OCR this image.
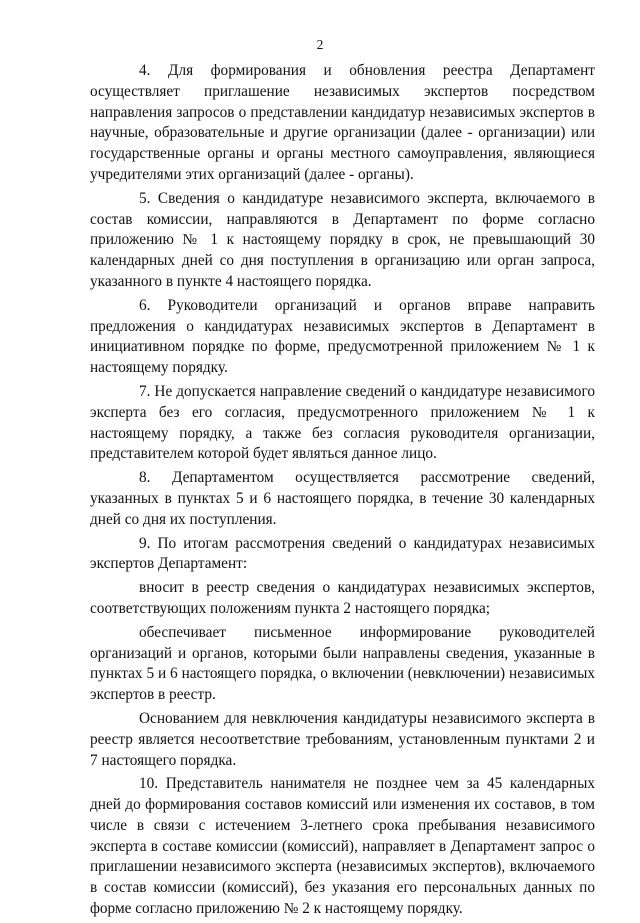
2

4. Для формирования и обновления реестра Департамент осуществляет приглашение независимых экспертов посредством направления запросов о представлении кандидатур независимых экспертов в научные, образовательные и другие организации (далее - организации) или государственные органы и органы местного самоуправления, являющиеся учредителями этих организаций (далее - органы).

5. Сведения о кандидатуре независимого эксперта, включаемого в состав комиссии, направляются в Департамент по форме согласно приложению № 1 к настоящему порядку в срок, не превышающий 30 календарных дней со дня поступления в организацию или орган запроса, указанного в пункте 4 настоящего порядка.

6. Руководители организаций и органов вправе направить предложения о кандидатурах независимых экспертов в Департамент в инициативном порядке по форме, предусмотренной приложением № 1 к настоящему порядку.

7. Не допускается направление сведений о кандидатуре независимого эксперта без его согласия, предусмотренного приложением № 1 к настоящему порядку, а также без согласия руководителя организации, представителем которой будет являться данное лицо.

8. Департаментом осуществляется рассмотрение сведений, указанных в пунктах 5 и 6 настоящего порядка, в течение 30 календарных дней со дня их поступления.

9. По итогам рассмотрения сведений о кандидатурах независимых экспертов Департамент:

вносит в реестр сведения о кандидатурах независимых экспертов, соответствующих положениям пункта 2 настоящего порядка;

обеспечивает письменное информирование руководителей организаций и органов, которыми были направлены сведения, указанные в пунктах 5 и 6 настоящего порядка, о включении (невключении) независимых экспертов в реестр.

Основанием для невключения кандидатуры независимого эксперта в реестр является несоответствие требованиям, установленным пунктами 2 и 7 настоящего порядка.

10. Представитель нанимателя не позднее чем за 45 календарных дней до формирования составов комиссий или изменения их составов, в том числе в связи с истечением 3-летнего срока пребывания независимого эксперта в составе комиссии (комиссий), направляет в Департамент запрос о приглашении независимого эксперта (независимых экспертов), включаемого в состав комиссии (комиссий), без указания его персональных данных по форме согласно приложению № 2 к настоящему порядку.
